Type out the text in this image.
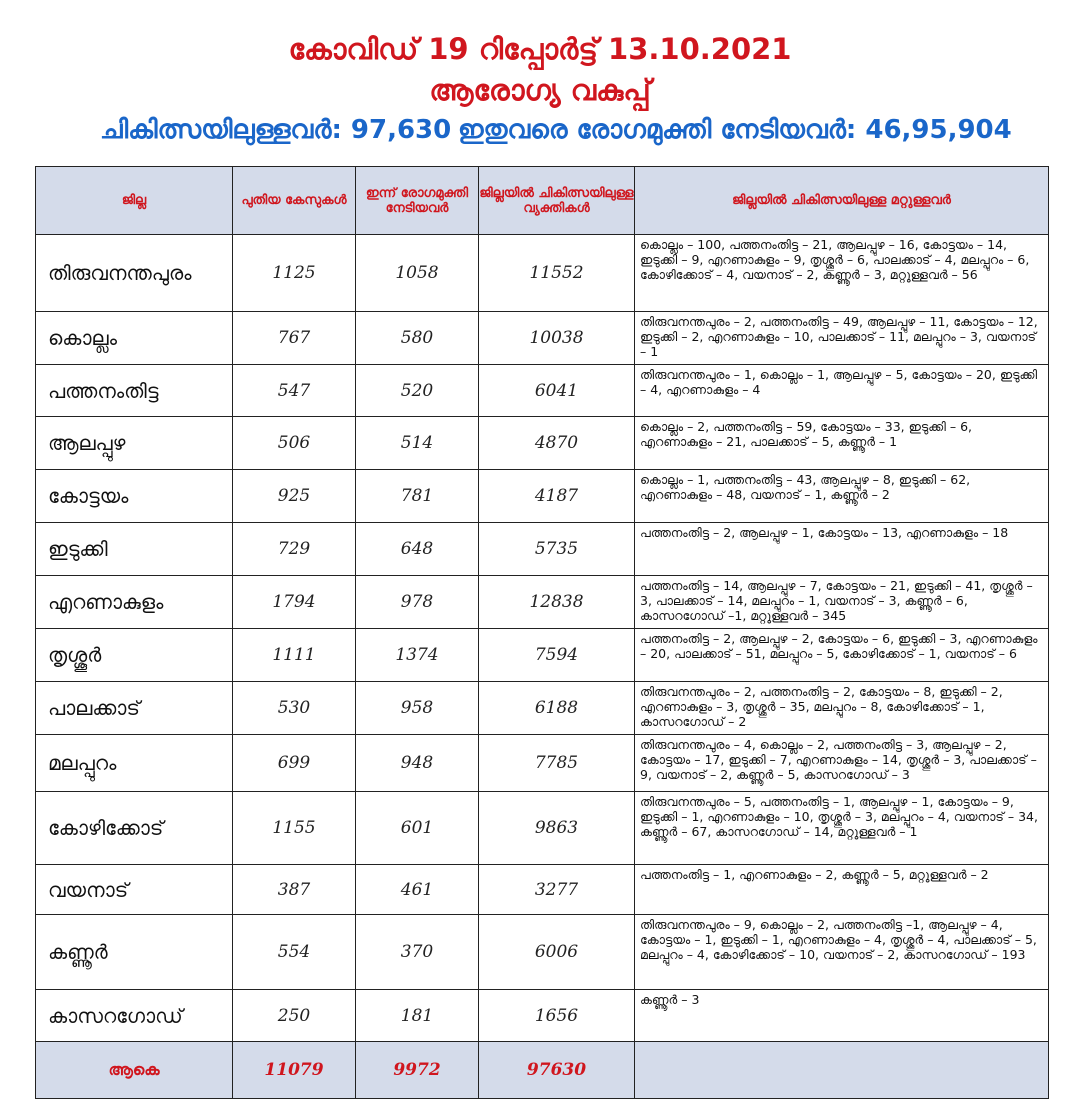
കോവിഡ് 19 റിപ്പോർട്ട് 13.10.2021
ആരോഗ്യ വകുപ്പ്
ചികിത്സയിലുള്ളവർ: 97,630 ഇതുവരെ രോഗമുക്തി നേടിയവർ: 46,95,904
ജില്ല	പുതിയ കേസുകൾ	ഇന്ന് രോഗമുക്തി നേടിയവർ	ജില്ലയിൽ ചികിത്സയിലുള്ള വ്യക്തികൾ	ജില്ലയിൽ ചികിത്സയിലുള്ള മറ്റുള്ളവർ
തിരുവനന്തപുരം	1125	1058	11552	കൊല്ലം – 100, പത്തനംതിട്ട – 21, ആലപ്പുഴ – 16, കോട്ടയം – 14, ഇടുക്കി – 9, എറണാകുളം – 9, തൃശ്ശൂർ – 6, പാലക്കാട് – 4, മലപ്പുറം – 6, കോഴിക്കോട് – 4, വയനാട് – 2, കണ്ണൂർ – 3, മറ്റുള്ളവർ – 56
കൊല്ലം	767	580	10038	തിരുവനന്തപുരം – 2, പത്തനംതിട്ട – 49, ആലപ്പുഴ – 11, കോട്ടയം – 12, ഇടുക്കി – 2, എറണാകുളം – 10, പാലക്കാട് – 11, മലപ്പുറം – 3, വയനാട് – 1
പത്തനംതിട്ട	547	520	6041	തിരുവനന്തപുരം – 1, കൊല്ലം – 1, ആലപ്പുഴ – 5, കോട്ടയം – 20, ഇടുക്കി – 4, എറണാകുളം – 4
ആലപ്പുഴ	506	514	4870	കൊല്ലം – 2, പത്തനംതിട്ട – 59, കോട്ടയം – 33, ഇടുക്കി – 6, എറണാകുളം – 21, പാലക്കാട് – 5, കണ്ണൂർ – 1
കോട്ടയം	925	781	4187	കൊല്ലം – 1, പത്തനംതിട്ട – 43, ആലപ്പുഴ – 8, ഇടുക്കി – 62, എറണാകുളം – 48, വയനാട് – 1, കണ്ണൂർ – 2
ഇടുക്കി	729	648	5735	പത്തനംതിട്ട – 2, ആലപ്പുഴ – 1, കോട്ടയം – 13, എറണാകുളം – 18
എറണാകുളം	1794	978	12838	പത്തനംതിട്ട – 14, ആലപ്പുഴ – 7, കോട്ടയം – 21, ഇടുക്കി – 41, തൃശ്ശൂർ – 3, പാലക്കാട് – 14, മലപ്പുറം – 1, വയനാട് – 3, കണ്ണൂർ – 6, കാസറഗോഡ് –1, മറ്റുള്ളവർ – 345
തൃശ്ശൂർ	1111	1374	7594	പത്തനംതിട്ട – 2, ആലപ്പുഴ – 2, കോട്ടയം – 6, ഇടുക്കി – 3, എറണാകുളം – 20, പാലക്കാട് – 51, മലപ്പുറം – 5, കോഴിക്കോട് – 1, വയനാട് – 6
പാലക്കാട്	530	958	6188	തിരുവനന്തപുരം – 2, പത്തനംതിട്ട – 2, കോട്ടയം – 8, ഇടുക്കി – 2, എറണാകുളം – 3, തൃശ്ശൂർ – 35, മലപ്പുറം – 8, കോഴിക്കോട് – 1, കാസറഗോഡ് – 2
മലപ്പുറം	699	948	7785	തിരുവനന്തപുരം – 4, കൊല്ലം – 2, പത്തനംതിട്ട – 3, ആലപ്പുഴ – 2, കോട്ടയം – 17, ഇടുക്കി – 7, എറണാകുളം – 14, തൃശ്ശൂർ – 3, പാലക്കാട് – 9, വയനാട് – 2, കണ്ണൂർ – 5, കാസറഗോഡ് – 3
കോഴിക്കോട്	1155	601	9863	തിരുവനന്തപുരം – 5, പത്തനംതിട്ട – 1, ആലപ്പുഴ – 1, കോട്ടയം – 9, ഇടുക്കി – 1, എറണാകുളം – 10, തൃശ്ശൂർ – 3, മലപ്പുറം – 4, വയനാട് – 34, കണ്ണൂർ – 67, കാസറഗോഡ് – 14, മറ്റുള്ളവർ – 1
വയനാട്	387	461	3277	പത്തനംതിട്ട – 1, എറണാകുളം – 2, കണ്ണൂർ – 5, മറ്റുള്ളവർ – 2
കണ്ണൂർ	554	370	6006	തിരുവനന്തപുരം – 9, കൊല്ലം – 2, പത്തനംതിട്ട –1, ആലപ്പുഴ – 4, കോട്ടയം – 1, ഇടുക്കി – 1, എറണാകുളം – 4, തൃശ്ശൂർ – 4, പാലക്കാട് – 5, മലപ്പുറം – 4, കോഴിക്കോട് – 10, വയനാട് – 2, കാസറഗോഡ് – 193
കാസറഗോഡ്	250	181	1656	കണ്ണൂർ – 3
ആകെ	11079	9972	97630	
